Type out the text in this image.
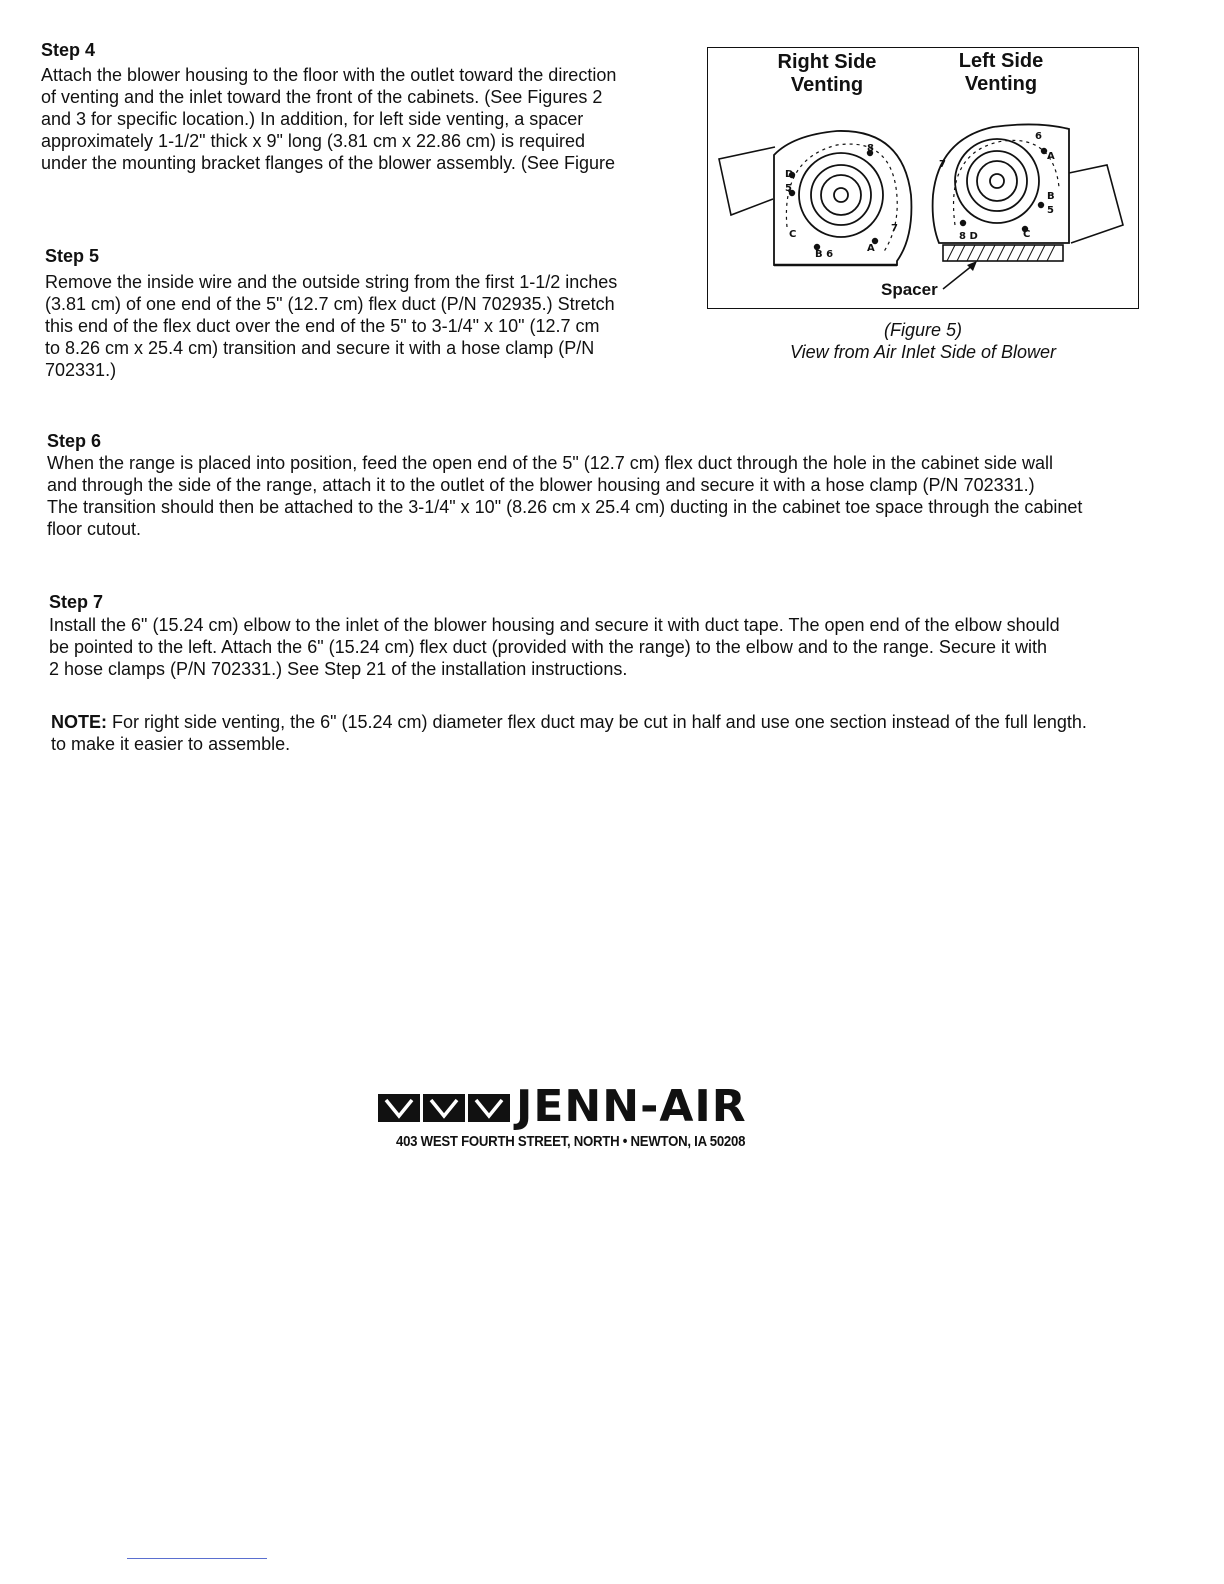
Step 4
Attach the blower housing to the floor with the outlet toward the direction
of venting and the inlet toward the front of the cabinets. (See Figures 2
and 3 for specific location.) In addition, for left side venting, a spacer
approximately 1-1/2" thick x 9" long (3.81 cm x 22.86 cm) is required
under the mounting bracket flanges of the blower assembly. (See Figure
Step 5
Remove the inside wire and the outside string from the first 1-1/2 inches
(3.81 cm) of one end of the 5" (12.7 cm) flex duct (P/N 702935.) Stretch
this end of the flex duct over the end of the 5" to 3-1/4" x 10" (12.7 cm
to 8.26 cm x 25.4 cm) transition and secure it with a hose clamp (P/N
702331.)
Right Side
Venting
Left Side
Venting
8
D
5
7
C
B 6
A
6
A
7
B
5
8 D	C
Spacer
(Figure 5)
View from Air Inlet Side of Blower
Step 6
When the range is placed into position, feed the open end of the 5" (12.7 cm) flex duct through the hole in the cabinet side wall
and through the side of the range, attach it to the outlet of the blower housing and secure it with a hose clamp (P/N 702331.)
The transition should then be attached to the 3-1/4" x 10" (8.26 cm x 25.4 cm) ducting in the cabinet toe space through the cabinet
floor cutout.
Step 7
Install the 6" (15.24 cm) elbow to the inlet of the blower housing and secure it with duct tape. The open end of the elbow should
be pointed to the left. Attach the 6" (15.24 cm) flex duct (provided with the range) to the elbow and to the range. Secure it with
2 hose clamps (P/N 702331.) See Step 21 of the installation instructions.
NOTE: For right side venting, the 6" (15.24 cm) diameter flex duct may be cut in half and use one section instead of the full length.
to make it easier to assemble.
JENN-AIR
403 WEST FOURTH STREET, NORTH • NEWTON, IA 50208
